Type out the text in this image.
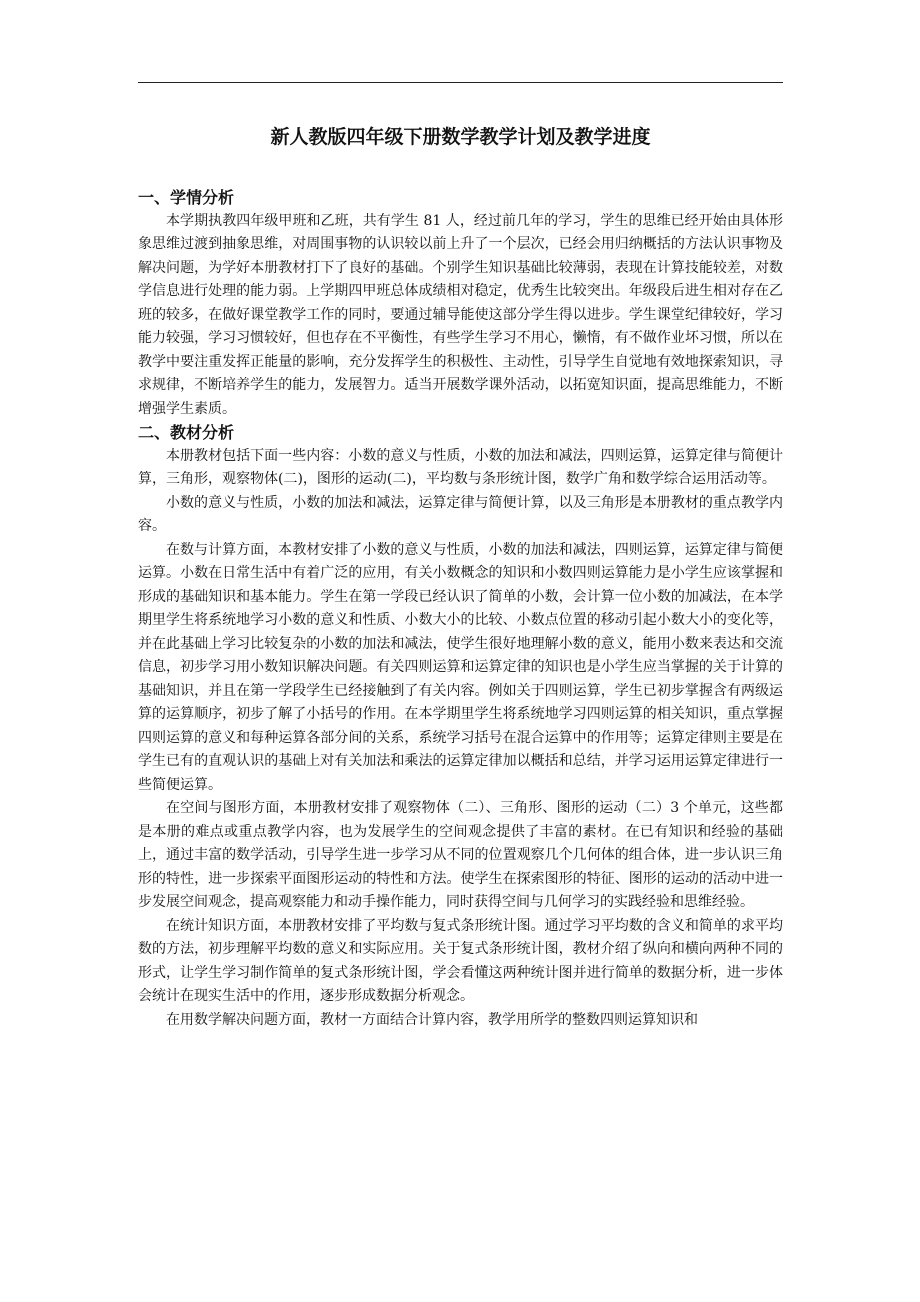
新人教版四年级下册数学教学计划及教学进度
一、学情分析

本学期执教四年级甲班和乙班，共有学生 81 人，经过前几年的学习，学生的思维已经开始由具体形象思维过渡到抽象思维，对周围事物的认识较以前上升了一个层次，已经会用归纳概括的方法认识事物及解决问题，为学好本册教材打下了良好的基础。个别学生知识基础比较薄弱，表现在计算技能较差，对数学信息进行处理的能力弱。上学期四甲班总体成绩相对稳定，优秀生比较突出。年级段后进生相对存在乙班的较多，在做好课堂教学工作的同时，要通过辅导能使这部分学生得以进步。学生课堂纪律较好，学习能力较强，学习习惯较好，但也存在不平衡性，有些学生学习不用心，懒惰，有不做作业坏习惯，所以在教学中要注重发挥正能量的影响，充分发挥学生的积极性、主动性，引导学生自觉地有效地探索知识，寻求规律，不断培养学生的能力，发展智力。适当开展数学课外活动，以拓宽知识面，提高思维能力，不断增强学生素质。

二、教材分析

本册教材包括下面一些内容：小数的意义与性质，小数的加法和减法，四则运算，运算定律与简便计算，三角形，观察物体(二)，图形的运动(二)，平均数与条形统计图，数学广角和数学综合运用活动等。

小数的意义与性质，小数的加法和减法，运算定律与简便计算，以及三角形是本册教材的重点教学内容。

在数与计算方面，本教材安排了小数的意义与性质，小数的加法和减法，四则运算，运算定律与简便运算。小数在日常生活中有着广泛的应用，有关小数概念的知识和小数四则运算能力是小学生应该掌握和形成的基础知识和基本能力。学生在第一学段已经认识了简单的小数，会计算一位小数的加减法，在本学期里学生将系统地学习小数的意义和性质、小数大小的比较、小数点位置的移动引起小数大小的变化等，并在此基础上学习比较复杂的小数的加法和减法，使学生很好地理解小数的意义，能用小数来表达和交流信息，初步学习用小数知识解决问题。有关四则运算和运算定律的知识也是小学生应当掌握的关于计算的基础知识，并且在第一学段学生已经接触到了有关内容。例如关于四则运算，学生已初步掌握含有两级运算的运算顺序，初步了解了小括号的作用。在本学期里学生将系统地学习四则运算的相关知识，重点掌握四则运算的意义和每种运算各部分间的关系，系统学习括号在混合运算中的作用等；运算定律则主要是在学生已有的直观认识的基础上对有关加法和乘法的运算定律加以概括和总结，并学习运用运算定律进行一些简便运算。

在空间与图形方面，本册教材安排了观察物体（二）、三角形、图形的运动（二）3 个单元，这些都是本册的难点或重点教学内容，也为发展学生的空间观念提供了丰富的素材。在已有知识和经验的基础上，通过丰富的数学活动，引导学生进一步学习从不同的位置观察几个几何体的组合体，进一步认识三角形的特性，进一步探索平面图形运动的特性和方法。使学生在探索图形的特征、图形的运动的活动中进一步发展空间观念，提高观察能力和动手操作能力，同时获得空间与几何学习的实践经验和思维经验。

在统计知识方面，本册教材安排了平均数与复式条形统计图。通过学习平均数的含义和简单的求平均数的方法，初步理解平均数的意义和实际应用。关于复式条形统计图，教材介绍了纵向和横向两种不同的形式，让学生学习制作简单的复式条形统计图，学会看懂这两种统计图并进行简单的数据分析，进一步体会统计在现实生活中的作用，逐步形成数据分析观念。

在用数学解决问题方面，教材一方面结合计算内容，教学用所学的整数四则运算知识和
